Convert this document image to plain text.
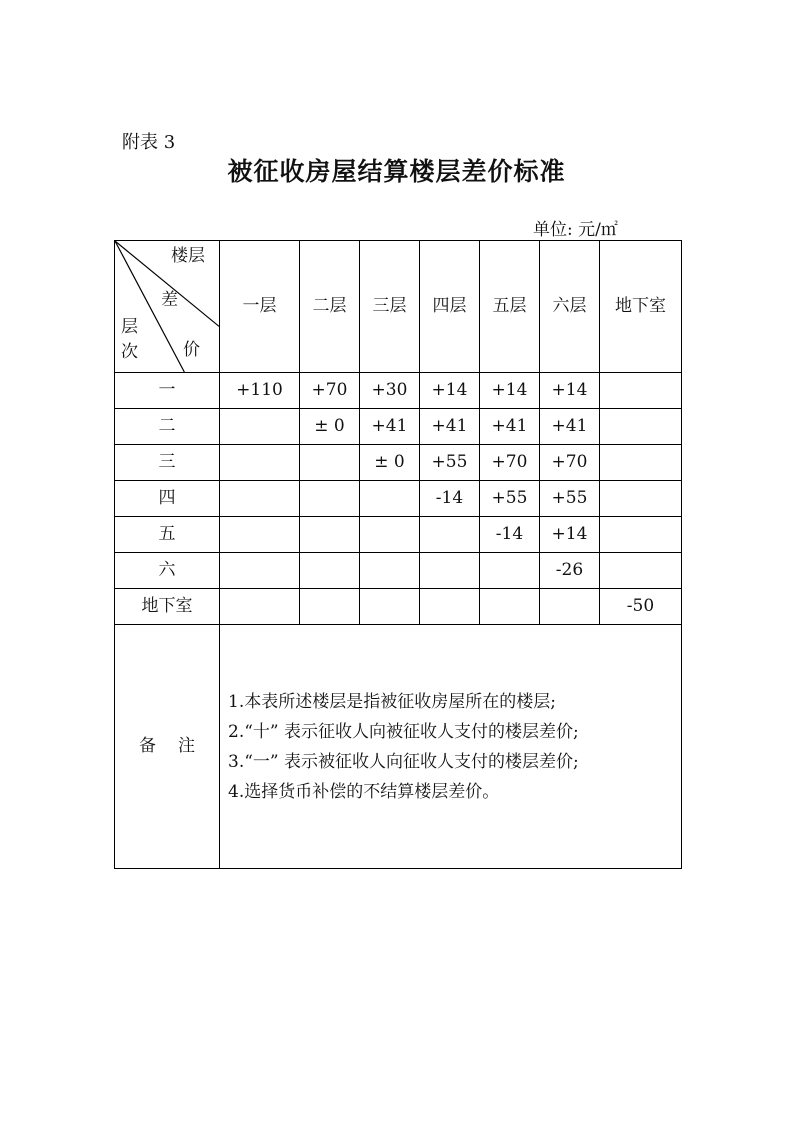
附表 3
被征收房屋结算楼层差价标准
单位: 元/㎡
楼层
差
价
层
次	一层	二层	三层	四层	五层	六层	地下室
一	+110	+70	+30	+14	+14	+14	
二		± 0	+41	+41	+41	+41	
三			± 0	+55	+70	+70	
四				-14	+55	+55	
五					-14	+14	
六						-26	
地下室							-50
备注	1.本表所述楼层是指被征收房屋所在的楼层;
2.“十” 表示征收人向被征收人支付的楼层差价;
3.“一” 表示被征收人向征收人支付的楼层差价;
4.选择货币补偿的不结算楼层差价。						
